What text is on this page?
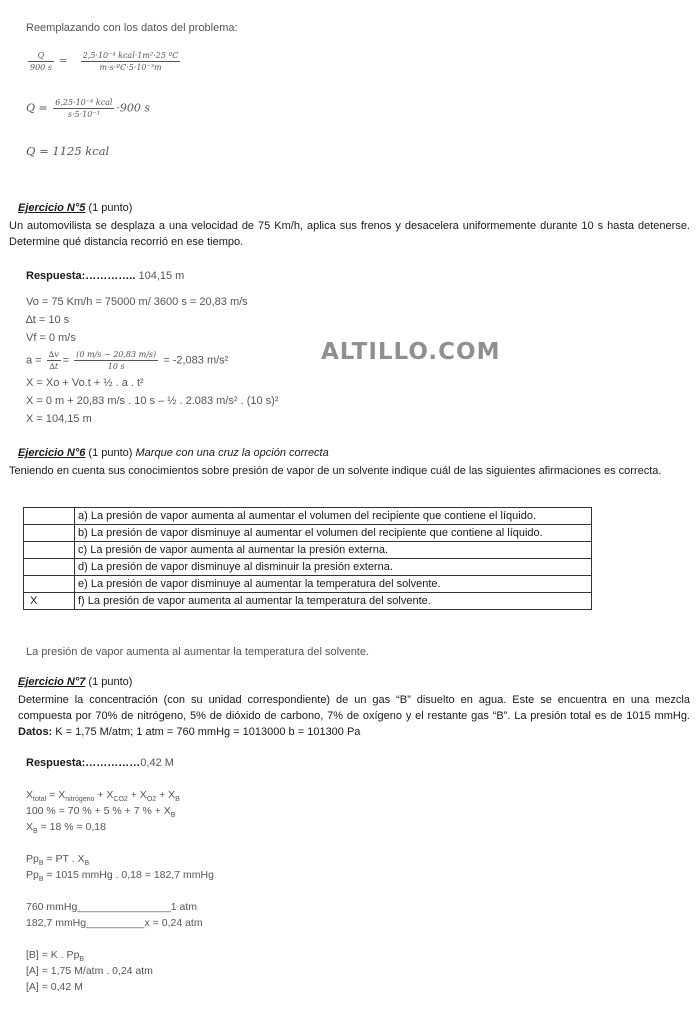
Reemplazando con los datos del problema:
$\frac{Q}{900 s} = \frac{\text{2,5·10⁻⁴ kcal·1m²·25 ºC}}{\text{m·s·ºC·5·10⁻³m}}$
$Q = \frac{\text{6,25·10⁻⁴ kcal}}{\text{s·5·10⁻³}} \cdot 900$ s
Q = 1125 kcal
Ejercicio N°5 (1 punto)
Un automovilista se desplaza a una velocidad de 75 Km/h, aplica sus frenos y desacelera uniformemente durante 10 s hasta detenerse. Determine qué distancia recorrió en ese tiempo.
Respuesta:………….. 104,15 m
Vo = 75 Km/h = 75000 m/ 3600 s = 20,83 m/s
∆t = 10 s
Vf = 0 m/s
$a = \frac{\Delta v}{\Delta t} = \frac{(0 m/s - 20,83 m/s)}{10 s} = -2,083$ m/s²
X = Xo + Vo.t + ½ . a . t²
X = 0 m + 20,83 m/s . 10 s – ½ . 2.083 m/s² . (10 s)²
X = 104,15 m
ALTILLO.COM
Ejercicio N°6 (1 punto) Marque con una cruz la opción correcta
Teniendo en cuenta sus conocimientos sobre presión de vapor de un solvente indique cuál de las siguientes afirmaciones es correcta.
	a) La presión de vapor aumenta al aumentar el volumen del recipiente que contiene el líquido.
	b) La presión de vapor disminuye al aumentar el volumen del recipiente que contiene al líquido.
	c) La presión de vapor aumenta al aumentar la presión externa.
	d) La presión de vapor disminuye al disminuir la presión externa.
	e) La presión de vapor disminuye al aumentar la temperatura del solvente.
X	f) La presión de vapor aumenta al aumentar la temperatura del solvente.
La presión de vapor aumenta al aumentar la temperatura del solvente.
Ejercicio N°7 (1 punto)
Determine la concentración (con su unidad correspondiente) de un gas “B” disuelto en agua. Este se encuentra en una mezcla compuesta por 70% de nitrógeno, 5% de dióxido de carbono, 7% de oxígeno y el restante gas “B”. La presión total es de 1015 mmHg. Datos: K = 1,75 M/atm; 1 atm = 760 mmHg = 1013000 b = 101300 Pa
Respuesta:……………0,42 M
$X_{total} = X_{nitrógeno} + X_{CO2} + X_{O2} + X_B$
100 % = 70 % + 5 % + 7 % + $X_B$
$X_B = 18$ % = 0,18
$Pp_B$ = PT . $X_B$
$Pp_B = 1015$ mmHg . 0,18 = 182,7 mmHg
760 mmHg________________1 atm
182,7 mmHg__________x = 0,24 atm
[B] = K . $Pp_B$
[A] = 1,75 M/atm . 0,24 atm
[A] = 0,42 M
